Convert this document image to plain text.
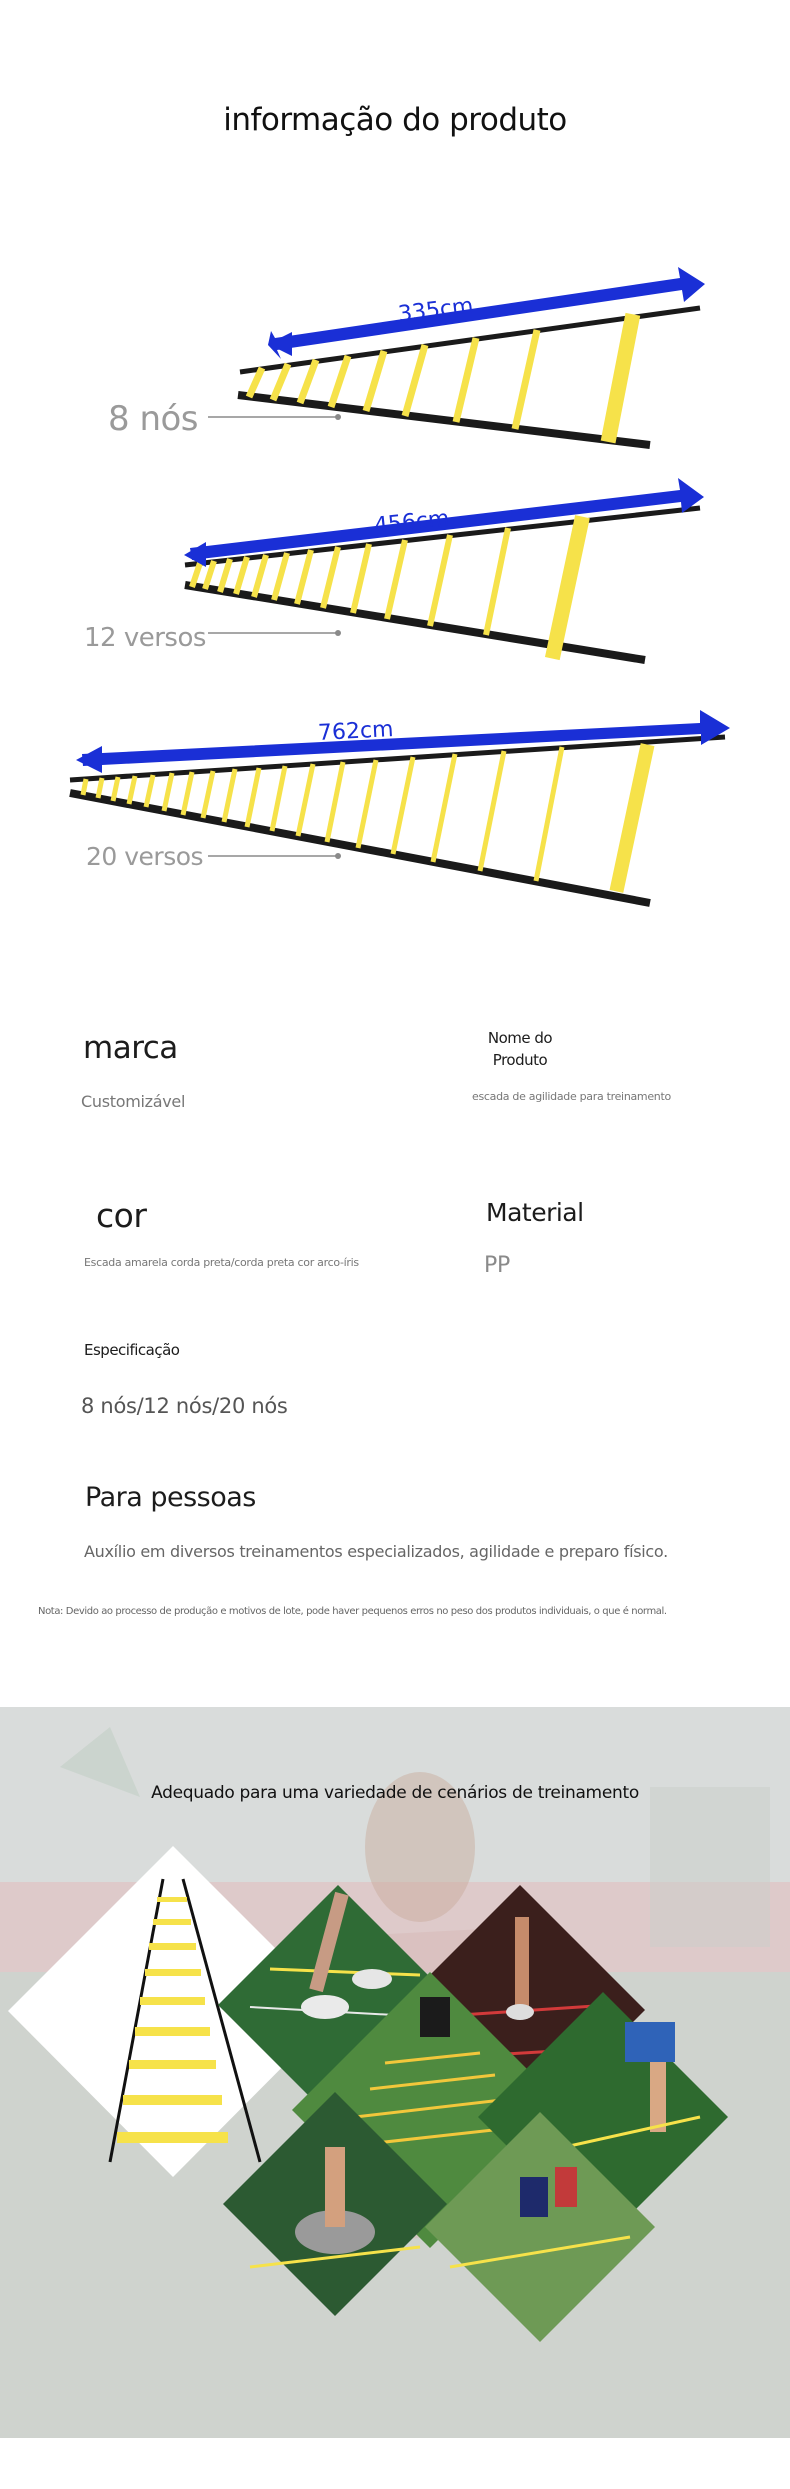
informação do produto
335cm
456cm
762cm
8 nós
12 versos
20 versos
marca
Customizável
Nome do
Produto
escada de agilidade para treinamento
cor
Escada amarela corda preta/corda preta cor arco-íris
Material
PP
Especificação
8 nós/12 nós/20 nós
Para pessoas
Auxílio em diversos treinamentos especializados, agilidade e preparo físico.
Nota: Devido ao processo de produção e motivos de lote, pode haver pequenos erros no peso dos produtos individuais, o que é normal.
Adequado para uma variedade de cenários de treinamento
